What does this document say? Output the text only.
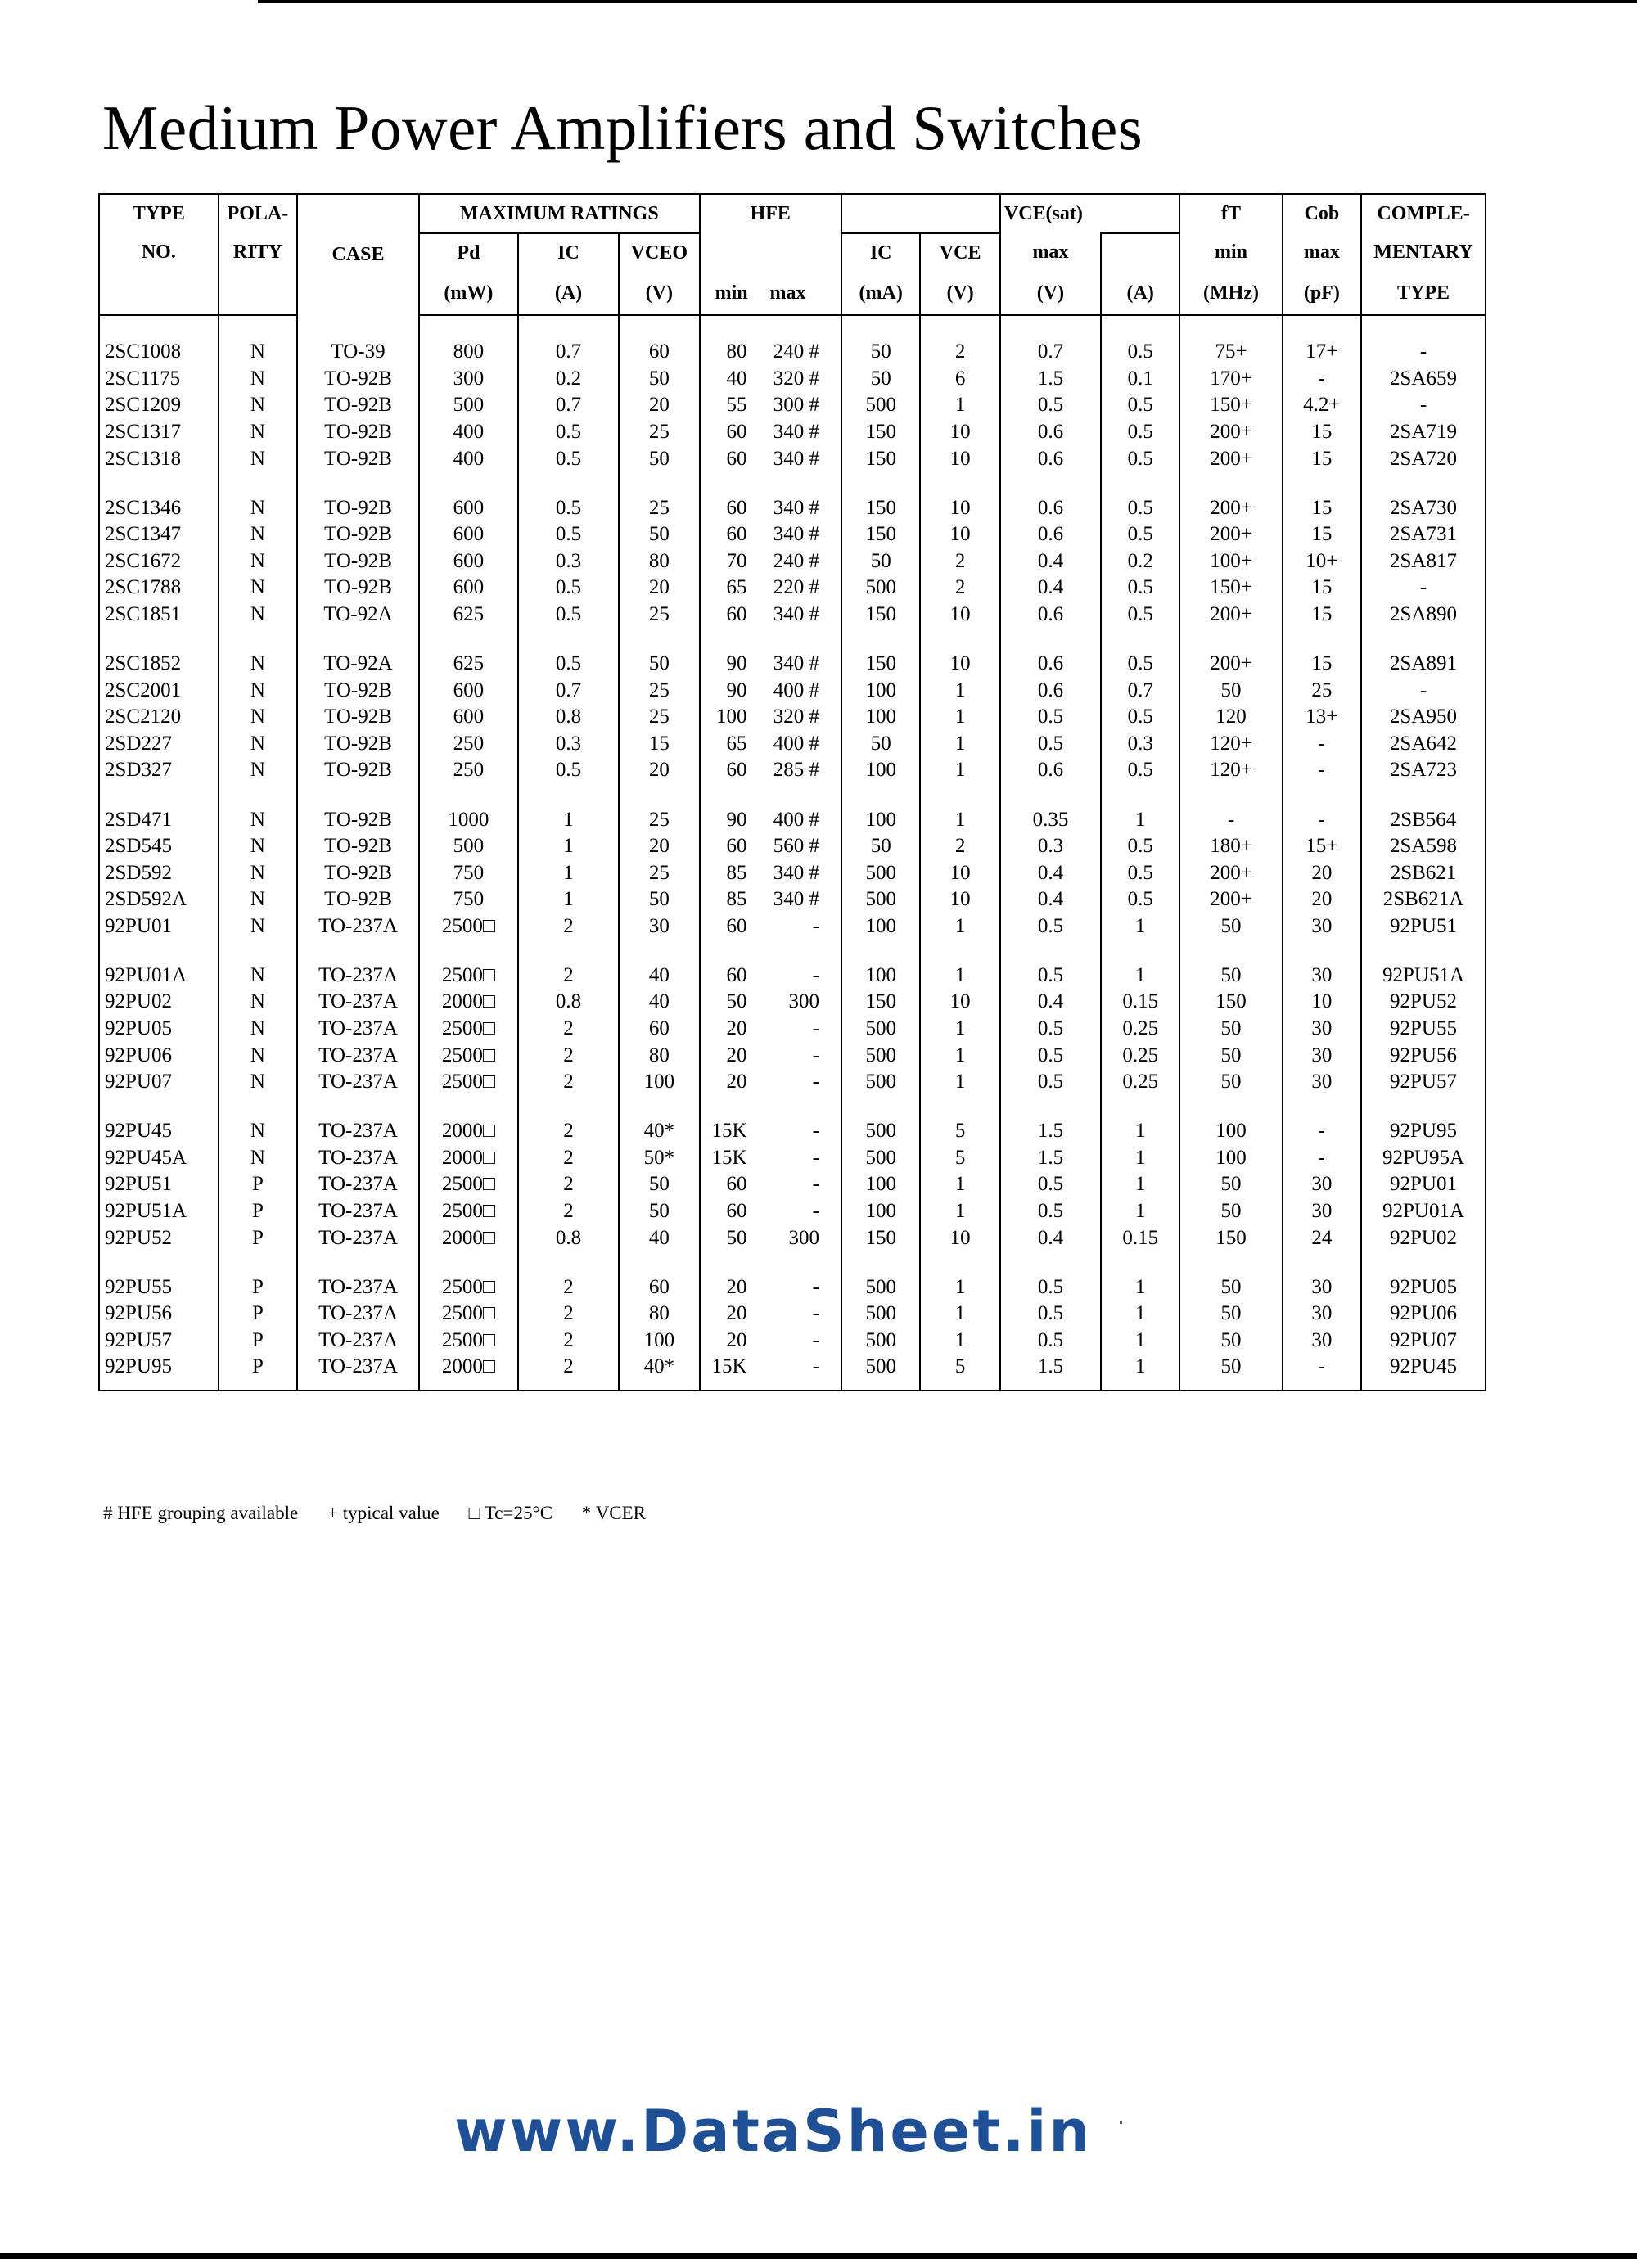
Medium Power Amplifiers and Switches
TYPE	POLA-	CASE	MAXIMUM RATINGS			HFE				VCE(sat)		fT	Cob	COMPLE-
NO.	RITY		Pd	IC	VCEO			IC	VCE	max		min	max	MENTARY
			(mW)	(A)	(V)	min	max	(mA)	(V)	(V)	(A)	(MHz)	(pF)	TYPE

2SC1008	N	TO-39	800	0.7	60	80	240 #	50	2	0.7	0.5	75+	17+	-
2SC1175	N	TO-92B	300	0.2	50	40	320 #	50	6	1.5	0.1	170+	-	2SA659
2SC1209	N	TO-92B	500	0.7	20	55	300 #	500	1	0.5	0.5	150+	4.2+	-
2SC1317	N	TO-92B	400	0.5	25	60	340 #	150	10	0.6	0.5	200+	15	2SA719
2SC1318	N	TO-92B	400	0.5	50	60	340 #	150	10	0.6	0.5	200+	15	2SA720

2SC1346	N	TO-92B	600	0.5	25	60	340 #	150	10	0.6	0.5	200+	15	2SA730
2SC1347	N	TO-92B	600	0.5	50	60	340 #	150	10	0.6	0.5	200+	15	2SA731
2SC1672	N	TO-92B	600	0.3	80	70	240 #	50	2	0.4	0.2	100+	10+	2SA817
2SC1788	N	TO-92B	600	0.5	20	65	220 #	500	2	0.4	0.5	150+	15	-
2SC1851	N	TO-92A	625	0.5	25	60	340 #	150	10	0.6	0.5	200+	15	2SA890

2SC1852	N	TO-92A	625	0.5	50	90	340 #	150	10	0.6	0.5	200+	15	2SA891
2SC2001	N	TO-92B	600	0.7	25	90	400 #	100	1	0.6	0.7	50	25	-
2SC2120	N	TO-92B	600	0.8	25	100	320 #	100	1	0.5	0.5	120	13+	2SA950
2SD227	N	TO-92B	250	0.3	15	65	400 #	50	1	0.5	0.3	120+	-	2SA642
2SD327	N	TO-92B	250	0.5	20	60	285 #	100	1	0.6	0.5	120+	-	2SA723

2SD471	N	TO-92B	1000	1	25	90	400 #	100	1	0.35	1	-	-	2SB564
2SD545	N	TO-92B	500	1	20	60	560 #	50	2	0.3	0.5	180+	15+	2SA598
2SD592	N	TO-92B	750	1	25	85	340 #	500	10	0.4	0.5	200+	20	2SB621
2SD592A	N	TO-92B	750	1	50	85	340 #	500	10	0.4	0.5	200+	20	2SB621A
92PU01	N	TO-237A	2500□	2	30	60	-	100	1	0.5	1	50	30	92PU51

92PU01A	N	TO-237A	2500□	2	40	60	-	100	1	0.5	1	50	30	92PU51A
92PU02	N	TO-237A	2000□	0.8	40	50	300	150	10	0.4	0.15	150	10	92PU52
92PU05	N	TO-237A	2500□	2	60	20	-	500	1	0.5	0.25	50	30	92PU55
92PU06	N	TO-237A	2500□	2	80	20	-	500	1	0.5	0.25	50	30	92PU56
92PU07	N	TO-237A	2500□	2	100	20	-	500	1	0.5	0.25	50	30	92PU57

92PU45	N	TO-237A	2000□	2	40*	15K	-	500	5	1.5	1	100	-	92PU95
92PU45A	N	TO-237A	2000□	2	50*	15K	-	500	5	1.5	1	100	-	92PU95A
92PU51	P	TO-237A	2500□	2	50	60	-	100	1	0.5	1	50	30	92PU01
92PU51A	P	TO-237A	2500□	2	50	60	-	100	1	0.5	1	50	30	92PU01A
92PU52	P	TO-237A	2000□	0.8	40	50	300	150	10	0.4	0.15	150	24	92PU02

92PU55	P	TO-237A	2500□	2	60	20	-	500	1	0.5	1	50	30	92PU05
92PU56	P	TO-237A	2500□	2	80	20	-	500	1	0.5	1	50	30	92PU06
92PU57	P	TO-237A	2500□	2	100	20	-	500	1	0.5	1	50	30	92PU07
92PU95	P	TO-237A	2000□	2	40*	15K	-	500	5	1.5	1	50	-	92PU45
# HFE grouping available + typical value □ Tc=25°C * VCER
www.DataSheet.in
